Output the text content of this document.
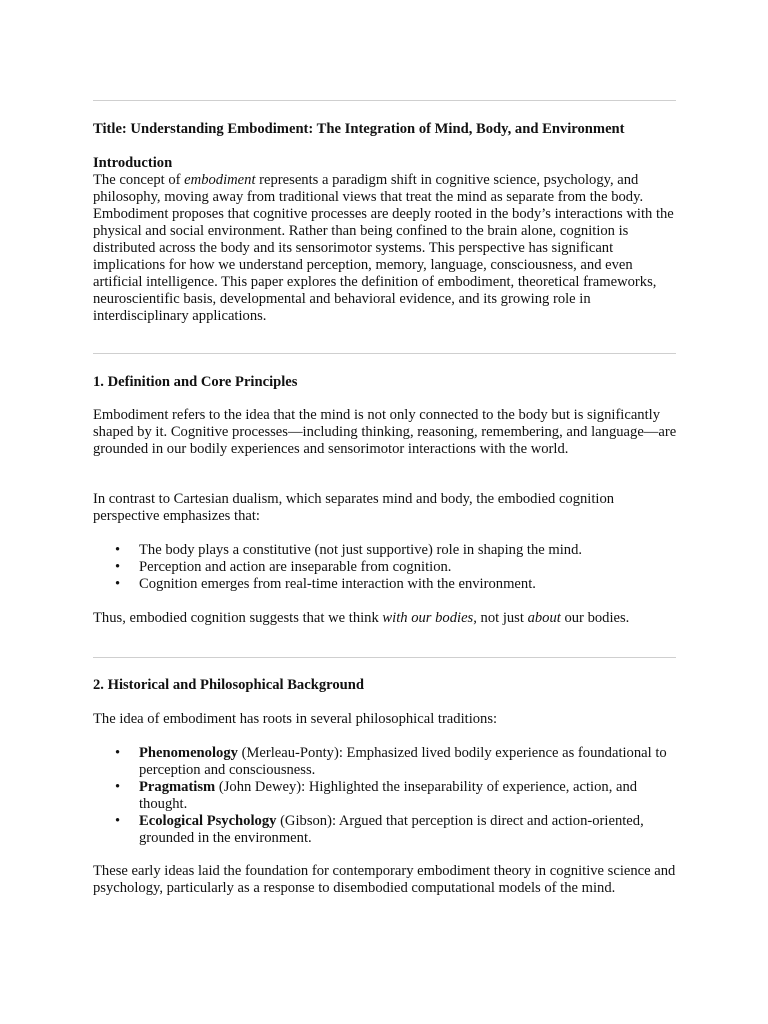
Title: Understanding Embodiment: The Integration of Mind, Body, and Environment
Introduction

The concept of embodiment represents a paradigm shift in cognitive science, psychology, and philosophy, moving away from traditional views that treat the mind as separate from the body. Embodiment proposes that cognitive processes are deeply rooted in the body’s interactions with the physical and social environment. Rather than being confined to the brain alone, cognition is distributed across the body and its sensorimotor systems. This perspective has significant implications for how we understand perception, memory, language, consciousness, and even artificial intelligence. This paper explores the definition of embodiment, theoretical frameworks, neuroscientific basis, developmental and behavioral evidence, and its growing role in interdisciplinary applications.

1. Definition and Core Principles

Embodiment refers to the idea that the mind is not only connected to the body but is significantly shaped by it. Cognitive processes—including thinking, reasoning, remembering, and language—are grounded in our bodily experiences and sensorimotor interactions with the world.

In contrast to Cartesian dualism, which separates mind and body, the embodied cognition perspective emphasizes that:

• The body plays a constitutive (not just supportive) role in shaping the mind.
• Perception and action are inseparable from cognition.
• Cognition emerges from real-time interaction with the environment.

Thus, embodied cognition suggests that we think with our bodies, not just about our bodies.

2. Historical and Philosophical Background

The idea of embodiment has roots in several philosophical traditions:

• Phenomenology (Merleau-Ponty): Emphasized lived bodily experience as foundational to perception and consciousness.
• Pragmatism (John Dewey): Highlighted the inseparability of experience, action, and thought.
• Ecological Psychology (Gibson): Argued that perception is direct and action-oriented, grounded in the environment.

These early ideas laid the foundation for contemporary embodiment theory in cognitive science and psychology, particularly as a response to disembodied computational models of the mind.
